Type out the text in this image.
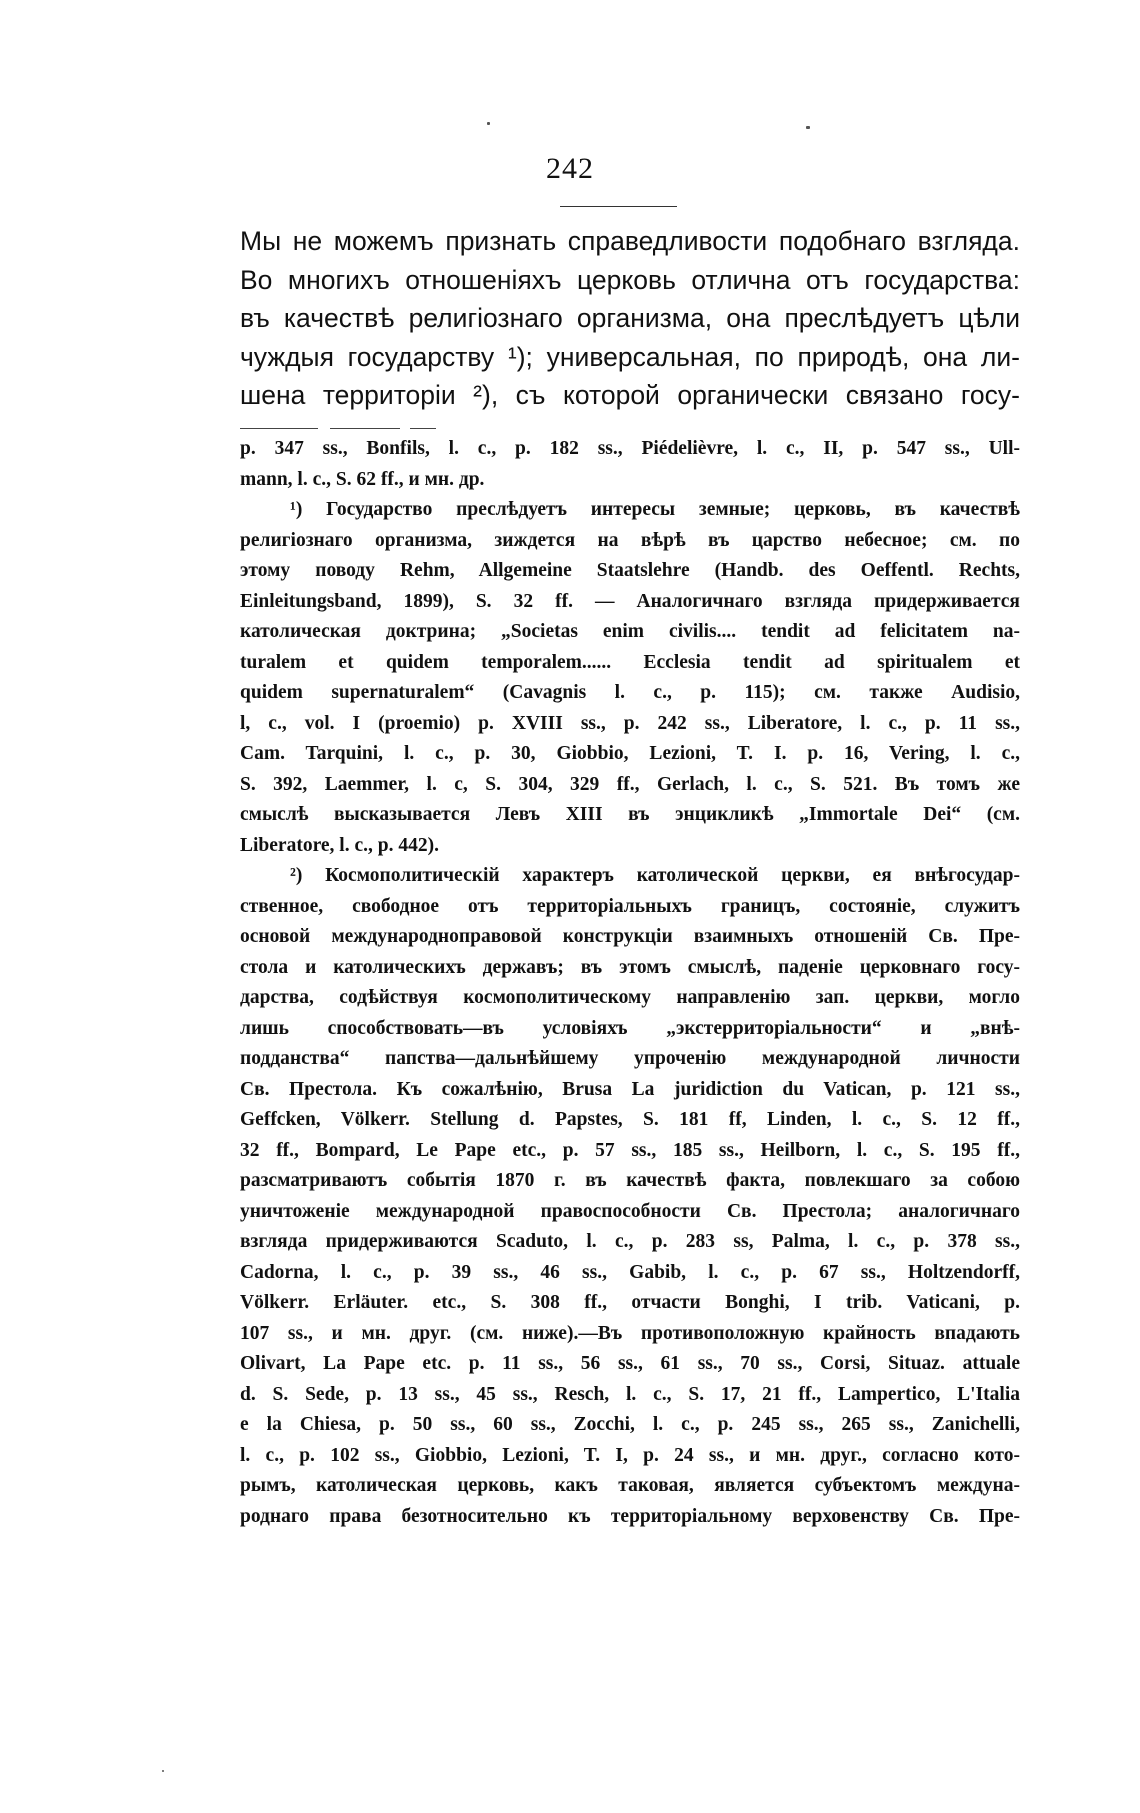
242
Мы не можемъ признать справедливости подобнаго взгляда.
Во многихъ отношеніяхъ церковь отлична отъ государства:
въ качествѣ религіознаго организма, она преслѣдуетъ цѣли
чуждыя государству ¹); универсальная, по природѣ, она ли-
шена территоріи ²), съ которой органически связано госу-
p. 347 ss., Bonfils, l. c., p. 182 ss., Piédelièvre, l. c., II, p. 547 ss., Ull-
mann, l. c., S. 62 ff., и мн. др.
¹) Государство преслѣдуетъ интересы земные; церковь, въ качествѣ
религіознаго организма, зиждется на вѣрѣ въ царство небесное; см. по
этому поводу Rehm, Allgemeine Staatslehre (Handb. des Oeffentl. Rechts,
Einleitungsband, 1899), S. 32 ff. — Аналогичнаго взгляда придерживается
католическая доктрина; „Societas enim civilis.... tendit ad felicitatem na-
turalem et quidem temporalem...... Ecclesia tendit ad spiritualem et
quidem supernaturalem“ (Cavagnis l. c., p. 115); см. также Audisio,
l, c., vol. I (proemio) p. XVIII ss., p. 242 ss., Liberatore, l. c., p. 11 ss.,
Cam. Tarquini, l. c., p. 30, Giobbio, Lezioni, T. I. p. 16, Vering, l. c.,
S. 392, Laemmer, l. c, S. 304, 329 ff., Gerlach, l. c., S. 521. Въ томъ же
смыслѣ высказывается Левъ XIII въ энцикликѣ „Immortale Dei“ (см.
Liberatore, l. c., p. 442).
²) Космополитическій характеръ католической церкви, ея внѣгосудар-
ственное, свободное отъ территоріальныхъ границъ, состояніе, служитъ
основой международноправовой конструкціи взаимныхъ отношеній Св. Пре-
стола и католическихъ державъ; въ этомъ смыслѣ, паденіе церковнаго госу-
дарства, содѣйствуя космополитическому направленію зап. церкви, могло
лишь способствовать—въ условіяхъ „экстерриторіальности“ и „внѣ-
подданства“ папства—дальнѣйшему упроченію международной личности
Св. Престола. Къ сожалѣнію, Brusa La juridiction du Vatican, p. 121 ss.,
Geffcken, Völkerr. Stellung d. Papstes, S. 181 ff, Linden, l. c., S. 12 ff.,
32 ff., Bompard, Le Pape etc., p. 57 ss., 185 ss., Heilborn, l. c., S. 195 ff.,
разсматриваютъ событія 1870 г. въ качествѣ факта, повлекшаго за собою
уничтоженіе международной правоспособности Св. Престола; аналогичнаго
взгляда придерживаются Scaduto, l. c., p. 283 ss, Palma, l. c., p. 378 ss.,
Cadorna, l. c., p. 39 ss., 46 ss., Gabib, l. c., p. 67 ss., Holtzendorff,
Völkerr. Erläuter. etc., S. 308 ff., отчасти Bonghi, I trib. Vaticani, p.
107 ss., и мн. друг. (см. ниже).—Въ противоположную крайность впадають
Olivart, La Pape etc. p. 11 ss., 56 ss., 61 ss., 70 ss., Corsi, Situaz. attuale
d. S. Sede, p. 13 ss., 45 ss., Resch, l. c., S. 17, 21 ff., Lampertico, L'Italia
e la Chiesa, p. 50 ss., 60 ss., Zocchi, l. c., p. 245 ss., 265 ss., Zanichelli,
l. c., p. 102 ss., Giobbio, Lezioni, T. I, p. 24 ss., и мн. друг., согласно кото-
рымъ, католическая церковь, какъ таковая, является субъектомъ междуна-
роднаго права безотносительно къ территоріальному верховенству Св. Пре-
